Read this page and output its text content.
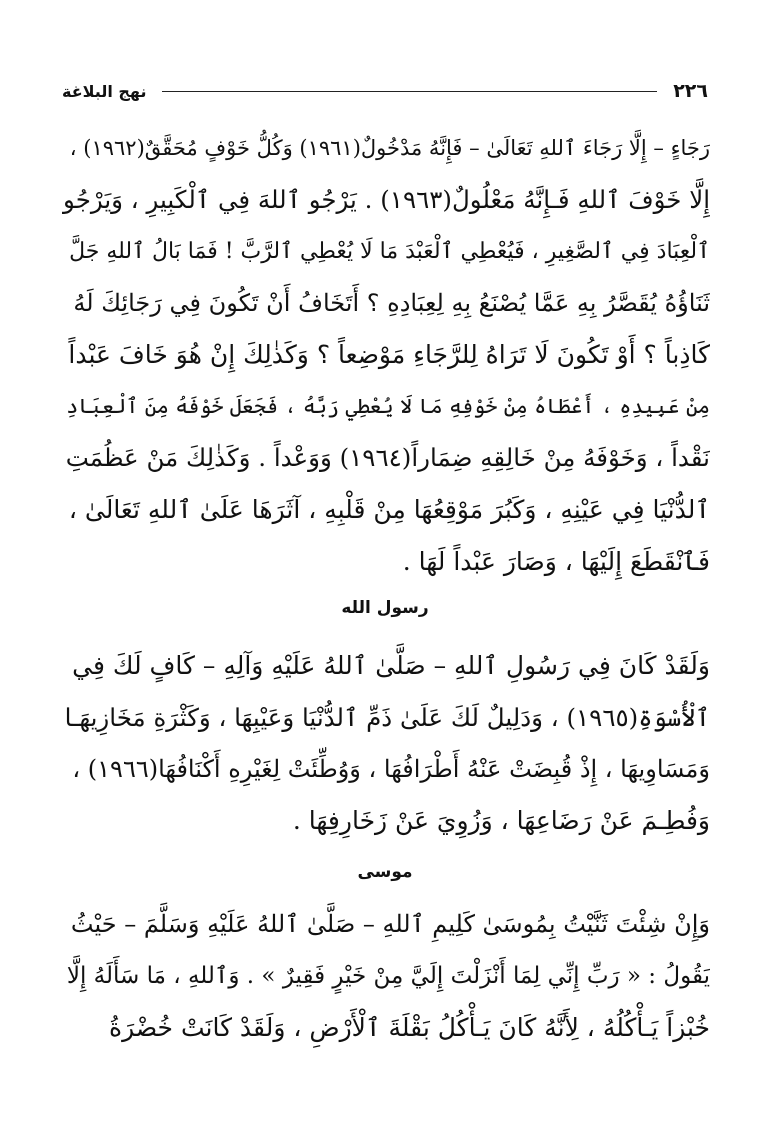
٢٢٦
نهج البلاغة
رَجَاءٍ – إِلَّا رَجَاءَ ٱللهِ تَعَالَىٰ – فَإِنَّهُ مَدْخُولٌ(١٩٦١) وَكُلُّ خَوْفٍ مُحَقَّقٌ(١٩٦٢) ،
إِلَّا خَوْفَ ٱللهِ فَـإِنَّهُ مَعْلُولٌ(١٩٦٣) . يَرْجُو ٱللهَ فِي ٱلْكَبِيرِ ، وَيَرْجُو
ٱلْعِبَادَ فِي ٱلصَّغِيرِ ، فَيُعْطِي ٱلْعَبْدَ مَا لَا يُعْطِي ٱلرَّبَّ ! فَمَا بَالُ ٱللهِ جَلَّ
ثَنَاؤُهُ يُقَصَّرُ بِهِ عَمَّا يُصْنَعُ بِهِ لِعِبَادِهِ ؟ أَتَخَافُ أَنْ تَكُونَ فِي رَجَائِكَ لَهُ
كَاذِباً ؟ أَوْ تَكُونَ لَا تَرَاهُ لِلرَّجَاءِ مَوْضِعاً ؟ وَكَذٰلِكَ إِنْ هُوَ خَافَ عَبْداً
مِنْ عَبِيدِهِ ، أَعْطَاهُ مِنْ خَوْفِهِ مَا لَا يُعْطِي رَبَّهُ ، فَجَعَلَ خَوْفَهُ مِنَ ٱلْعِبَادِ
نَقْداً ، وَخَوْفَهُ مِنْ خَالِقِهِ ضِمَاراً(١٩٦٤) وَوَعْداً . وَكَذٰلِكَ مَنْ عَظُمَتِ
ٱلدُّنْيَا فِي عَيْنِهِ ، وَكَبُرَ مَوْقِعُهَا مِنْ قَلْبِهِ ، آثَرَهَا عَلَىٰ ٱللهِ تَعَالَىٰ ،
فَٱنْقَطَعَ إِلَيْهَا ، وَصَارَ عَبْداً لَهَا .
رسول الله
وَلَقَدْ كَانَ فِي رَسُولِ ٱللهِ – صَلَّىٰ ٱللهُ عَلَيْهِ وَآلِهِ – كَافٍ لَكَ فِي
ٱلْأُسْوَةِ(١٩٦٥) ، وَدَلِيلٌ لَكَ عَلَىٰ ذَمِّ ٱلدُّنْيَا وَعَيْبِهَا ، وَكَثْرَةِ مَخَازِيهَـا
وَمَسَاوِيهَا ، إِذْ قُبِضَتْ عَنْهُ أَطْرَافُهَا ، وَوُطِّئَتْ لِغَيْرِهِ أَكْنَافُهَا(١٩٦٦) ،
وَفُطِـمَ عَنْ رَضَاعِهَا ، وَزُوِيَ عَنْ زَخَارِفِهَا .
موسى
وَإِنْ شِئْتَ ثَنَّيْتُ بِمُوسَىٰ كَلِيمِ ٱللهِ – صَلَّىٰ ٱللهُ عَلَيْهِ وَسَلَّمَ – حَيْثُ
يَقُولُ : « رَبِّ إِنِّي لِمَا أَنْزَلْتَ إِلَيَّ مِنْ خَيْرٍ فَقِيرٌ » . وَٱللهِ ، مَا سَأَلَهُ إِلَّا
خُبْزاً يَـأْكُلُهُ ، لِأَنَّهُ كَانَ يَـأْكُلُ بَقْلَةَ ٱلْأَرْضِ ، وَلَقَدْ كَانَتْ خُضْرَةُ
